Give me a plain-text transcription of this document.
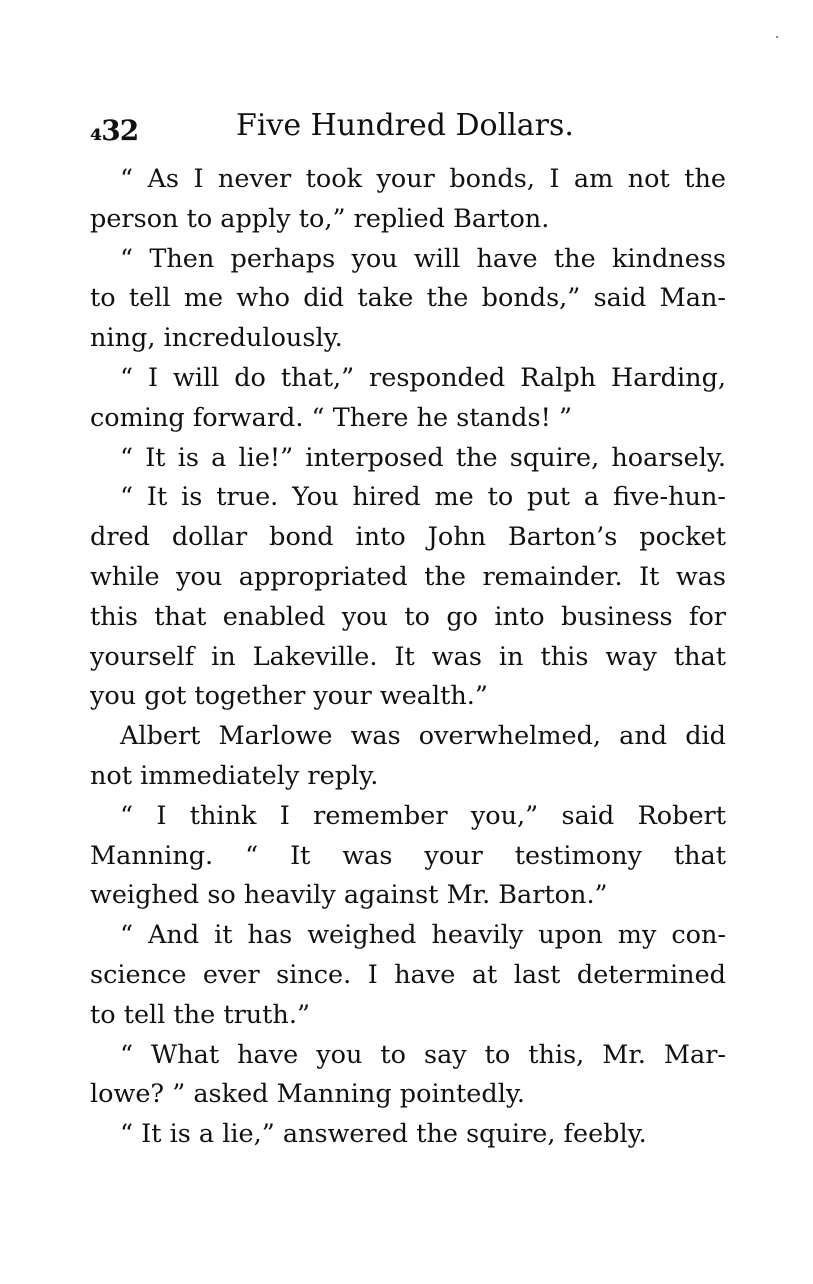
₄32	Five Hundred Dollars.
“ As I never took your bonds, I am not the
person to apply to,” replied Barton.
“ Then perhaps you will have the kindness
to tell me who did take the bonds,” said Man-
ning, incredulously.
“ I will do that,” responded Ralph Harding,
coming forward. “ There he stands! ”
“ It is a lie!” interposed the squire, hoarsely.
“ It is true. You hired me to put a five-hun-
dred dollar bond into John Barton’s pocket
while you appropriated the remainder. It was
this that enabled you to go into business for
yourself in Lakeville. It was in this way that
you got together your wealth.”
Albert Marlowe was overwhelmed, and did
not immediately reply.
“ I think I remember you,” said Robert
Manning. “ It was your testimony that
weighed so heavily against Mr. Barton.”
“ And it has weighed heavily upon my con-
science ever since. I have at last determined
to tell the truth.”
“ What have you to say to this, Mr. Mar-
lowe? ” asked Manning pointedly.
“ It is a lie,” answered the squire, feebly.
